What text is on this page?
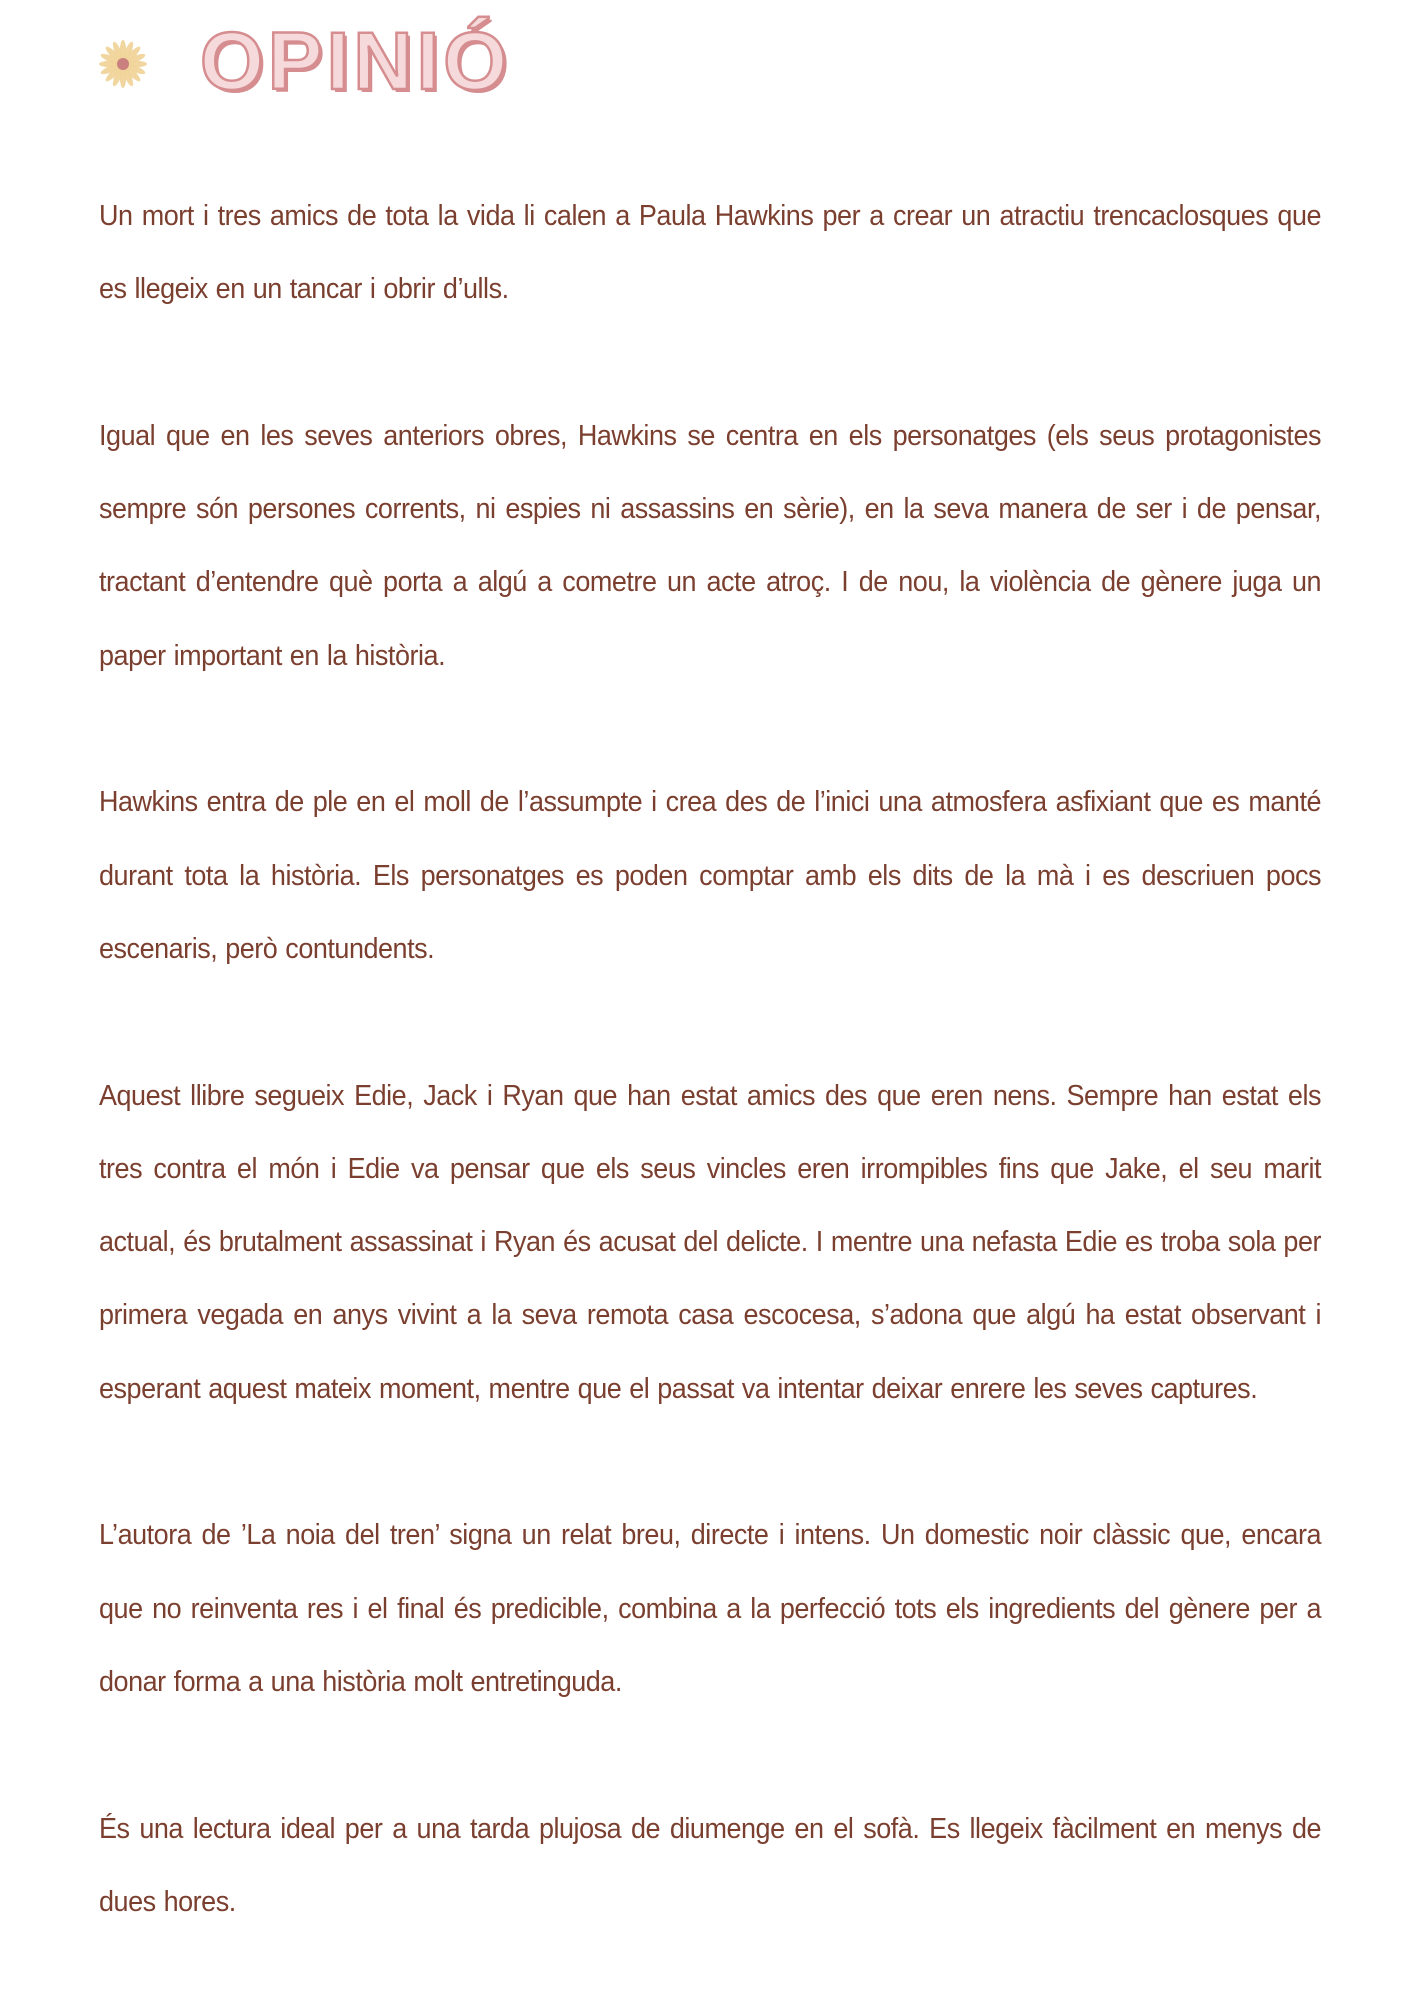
OPINIÓ

Un mort i tres amics de tota la vida li calen a Paula Hawkins per a crear un atractiu trencaclosques que es llegeix en un tancar i obrir d’ulls.

Igual que en les seves anteriors obres, Hawkins se centra en els personatges (els seus protagonistes sempre són persones corrents, ni espies ni assassins en sèrie), en la seva manera de ser i de pensar, tractant d’entendre què porta a algú a cometre un acte atroç. I de nou, la violència de gènere juga un paper important en la història.

Hawkins entra de ple en el moll de l’assumpte i crea des de l’inici una atmosfera asfixiant que es manté durant tota la història. Els personatges es poden comptar amb els dits de la mà i es descriuen pocs escenaris, però contundents.

Aquest llibre segueix Edie, Jack i Ryan que han estat amics des que eren nens. Sempre han estat els tres contra el món i Edie va pensar que els seus vincles eren irrompibles fins que Jake, el seu marit actual, és brutalment assassinat i Ryan és acusat del delicte. I mentre una nefasta Edie es troba sola per primera vegada en anys vivint a la seva remota casa escocesa, s’adona que algú ha estat observant i esperant aquest mateix moment, mentre que el passat va intentar deixar enrere les seves captures.

L’autora de ’La noia del tren’ signa un relat breu, directe i intens. Un domestic noir clàssic que, encara que no reinventa res i el final és predicible, combina a la perfecció tots els ingredients del gènere per a donar forma a una història molt entretinguda.

És una lectura ideal per a una tarda plujosa de diumenge en el sofà. Es llegeix fàcilment en menys de dues hores.
